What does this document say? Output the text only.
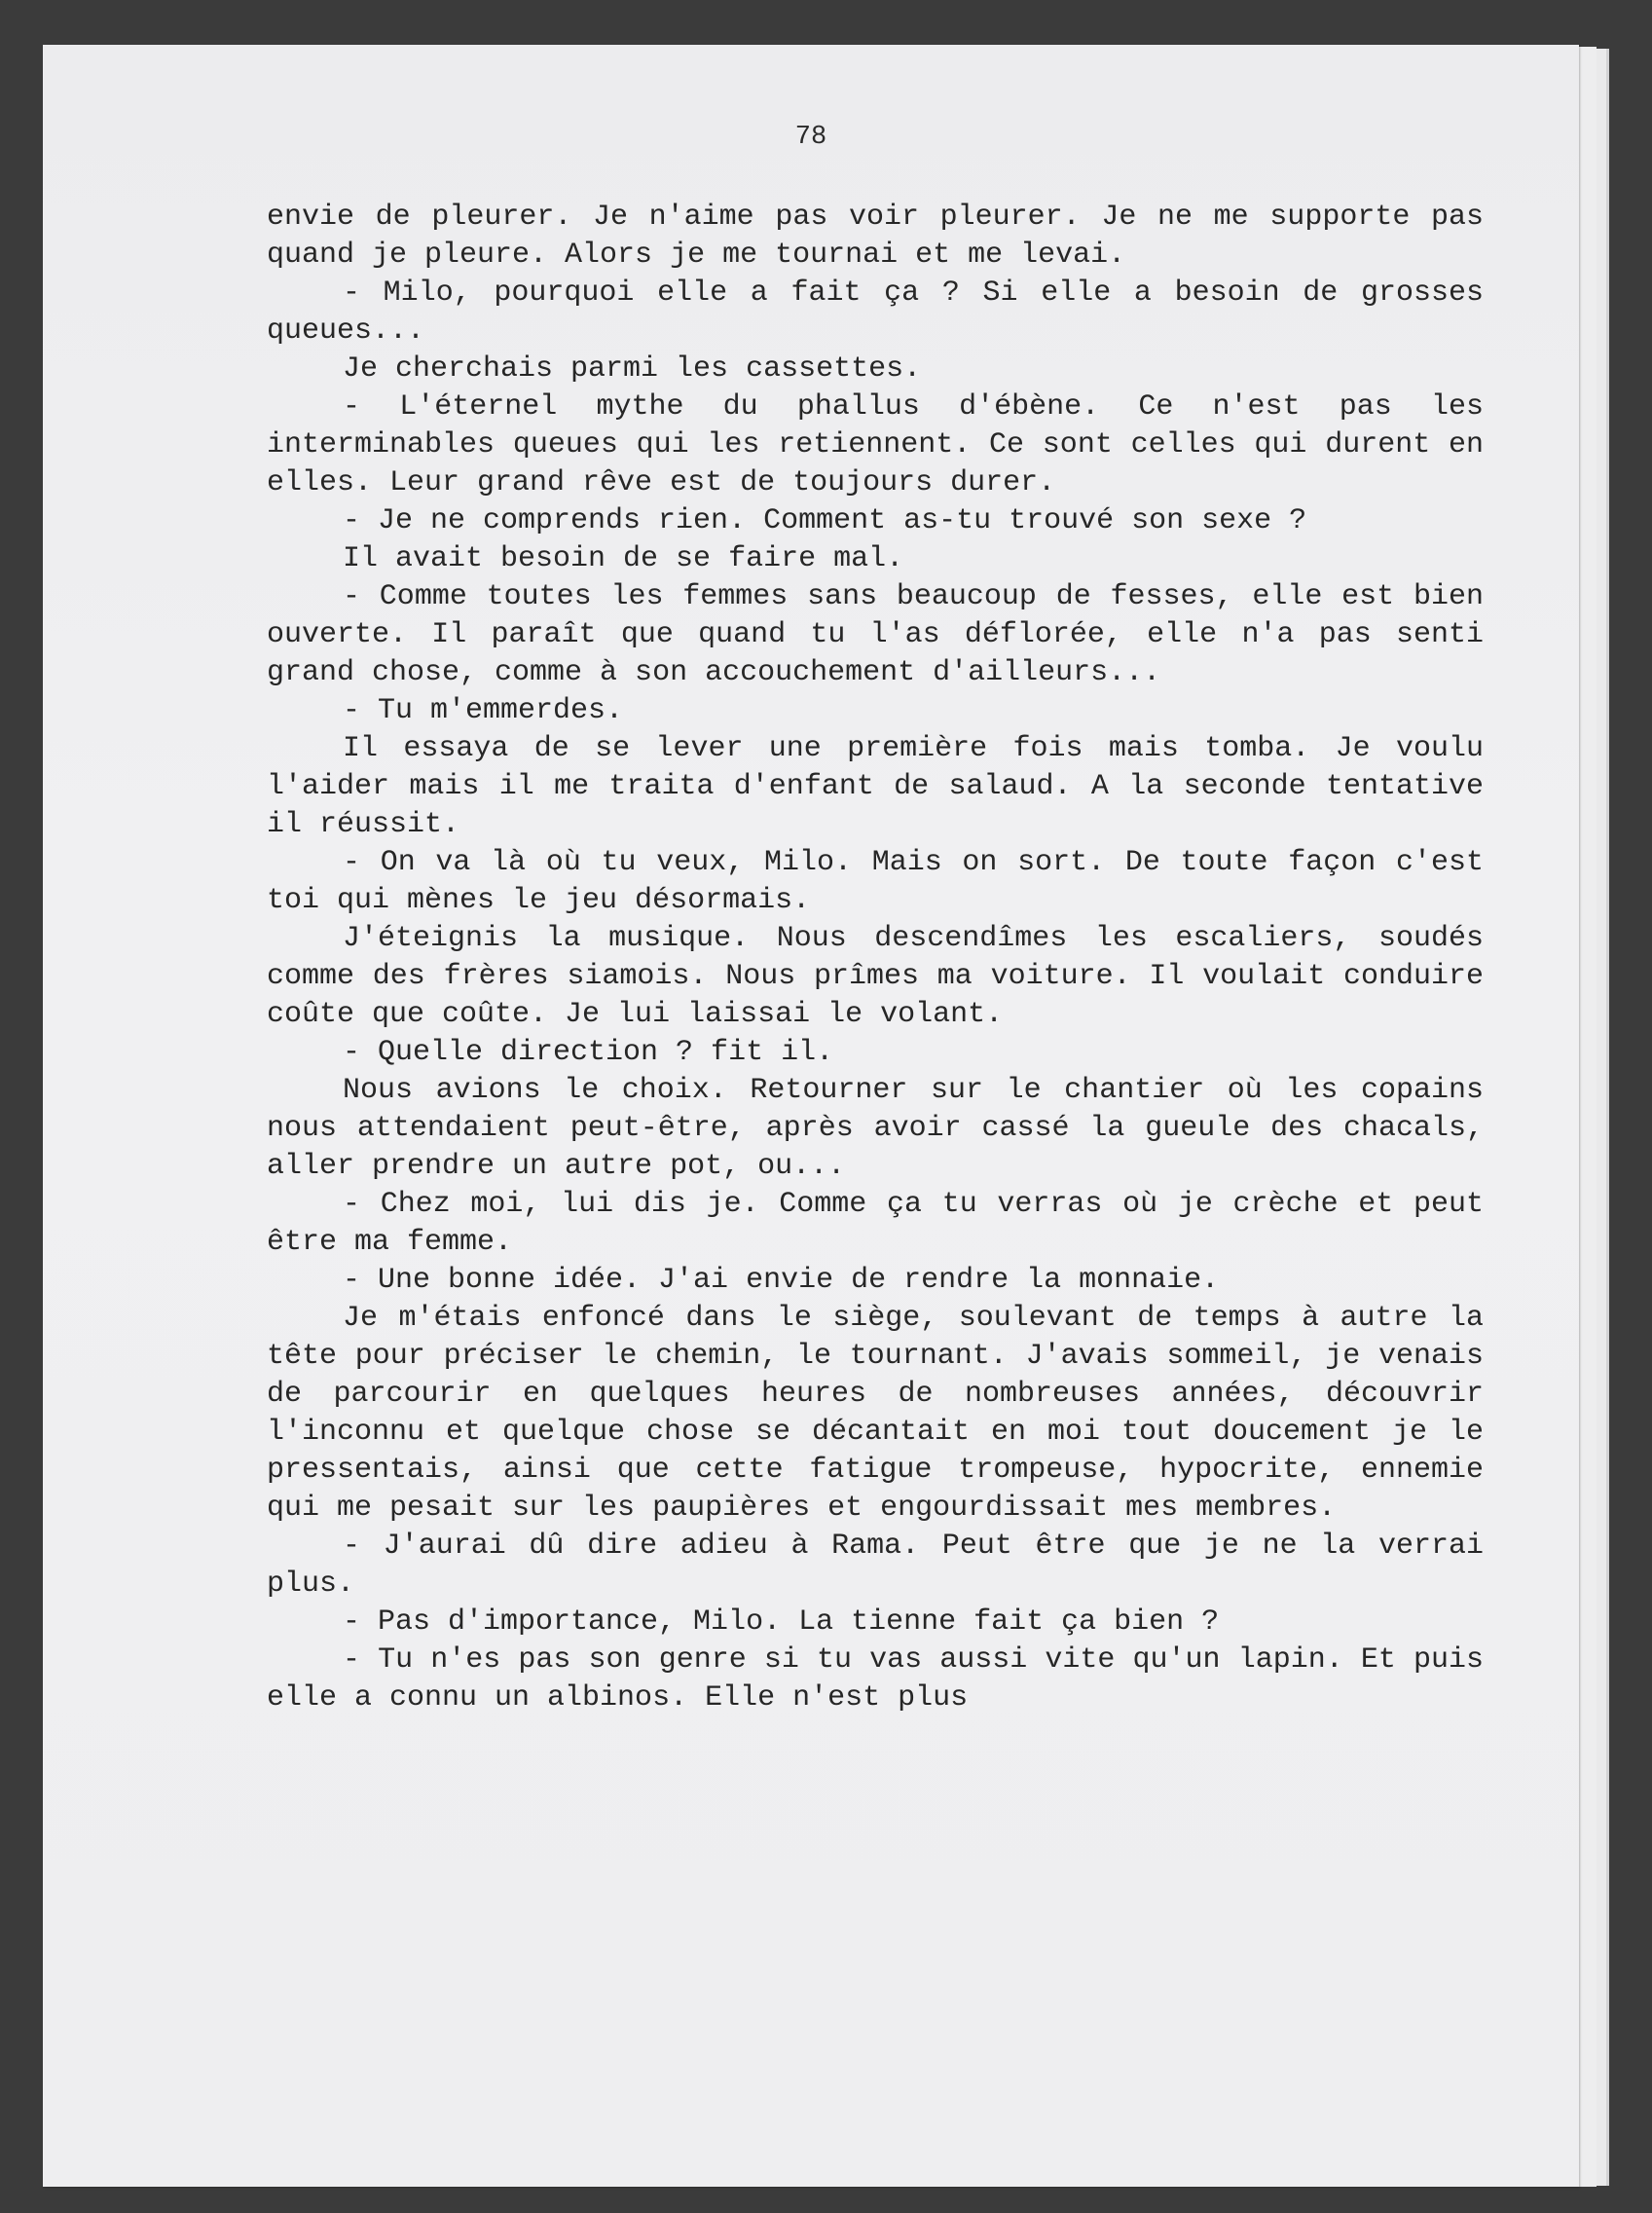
78

envie de pleurer. Je n'aime pas voir pleurer. Je ne me supporte pas quand je pleure. Alors je me tournai et me levai.

- Milo, pourquoi elle a fait ça ? Si elle a besoin de grosses queues...

Je cherchais parmi les cassettes.

- L'éternel mythe du phallus d'ébène. Ce n'est pas les interminables queues qui les retiennent. Ce sont celles qui durent en elles. Leur grand rêve est de toujours durer.

- Je ne comprends rien. Comment as-tu trouvé son sexe ?

Il avait besoin de se faire mal.

- Comme toutes les femmes sans beaucoup de fesses, elle est bien ouverte. Il paraît que quand tu l'as déflorée, elle n'a pas senti grand chose, comme à son accouchement d'ailleurs...

- Tu m'emmerdes.

Il essaya de se lever une première fois mais tomba. Je voulu l'aider mais il me traita d'enfant de salaud. A la seconde tentative il réussit.

- On va là où tu veux, Milo. Mais on sort. De toute façon c'est toi qui mènes le jeu désormais.

J'éteignis la musique. Nous descendîmes les escaliers, soudés comme des frères siamois. Nous prîmes ma voiture. Il voulait conduire coûte que coûte. Je lui laissai le volant.

- Quelle direction ? fit il.

Nous avions le choix. Retourner sur le chantier où les copains nous attendaient peut-être, après avoir cassé la gueule des chacals, aller prendre un autre pot, ou...

- Chez moi, lui dis je. Comme ça tu verras où je crèche et peut être ma femme.

- Une bonne idée. J'ai envie de rendre la monnaie.

Je m'étais enfoncé dans le siège, soulevant de temps à autre la tête pour préciser le chemin, le tournant. J'avais sommeil, je venais de parcourir en quelques heures de nombreuses années, découvrir l'inconnu et quelque chose se décantait en moi tout doucement je le pressentais, ainsi que cette fatigue trompeuse, hypocrite, ennemie qui me pesait sur les paupières et engourdissait mes membres.

- J'aurai dû dire adieu à Rama. Peut être que je ne la verrai plus.

- Pas d'importance, Milo. La tienne fait ça bien ?

- Tu n'es pas son genre si tu vas aussi vite qu'un lapin. Et puis elle a connu un albinos. Elle n'est plus
